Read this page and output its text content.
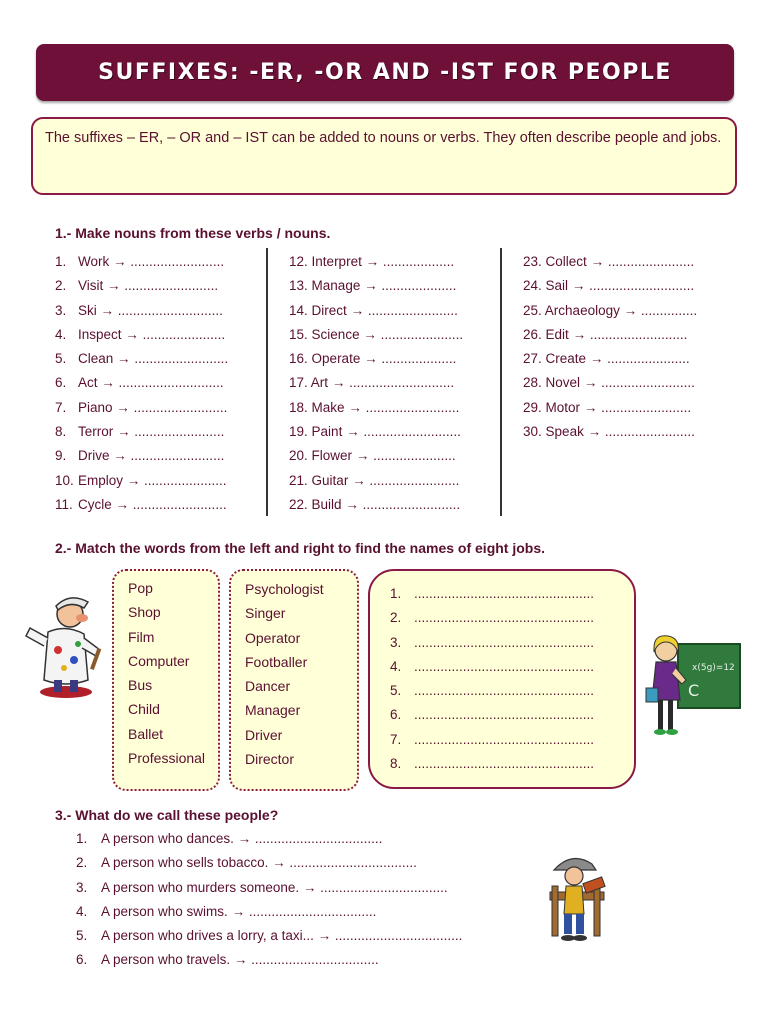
SUFFIXES: -ER, -OR AND -IST FOR PEOPLE
The suffixes – ER, – OR and – IST can be added to nouns or verbs. They often describe people and jobs.
1.- Make nouns from these verbs / nouns.
1. Work → .........................
2. Visit → .........................
3. Ski → ............................
4. Inspect → ......................
5. Clean → .........................
6. Act → ............................
7. Piano → .........................
8. Terror → ........................
9. Drive → .........................
10. Employ → ......................
11. Cycle → .........................
12. Interpret → ...................
13. Manage → ....................
14. Direct → ........................
15. Science → ......................
16. Operate → ....................
17. Art → ............................
18. Make → .........................
19. Paint → ..........................
20. Flower → ......................
21. Guitar → ........................
22. Build → ..........................
23. Collect → .......................
24. Sail → ............................
25. Archaeology → ...............
26. Edit → ..........................
27. Create → ......................
28. Novel → .........................
29. Motor → ........................
30. Speak → ........................
2.- Match the words from the left and right to find the names of eight jobs.
Pop
Shop
Film
Computer
Bus
Child
Ballet
Professional
Psychologist
Singer
Operator
Footballer
Dancer
Manager
Driver
Director
1. ................................................
2. ................................................
3. ................................................
4. ................................................
5. ................................................
6. ................................................
7. ................................................
8. ................................................
x(5g)=12
C
3.- What do we call these people?
1. A person who dances. → ..................................
2. A person who sells tobacco. → ..................................
3. A person who murders someone. → ..................................
4. A person who swims. → ..................................
5. A person who drives a lorry, a taxi... → ..................................
6. A person who travels. → ..................................
